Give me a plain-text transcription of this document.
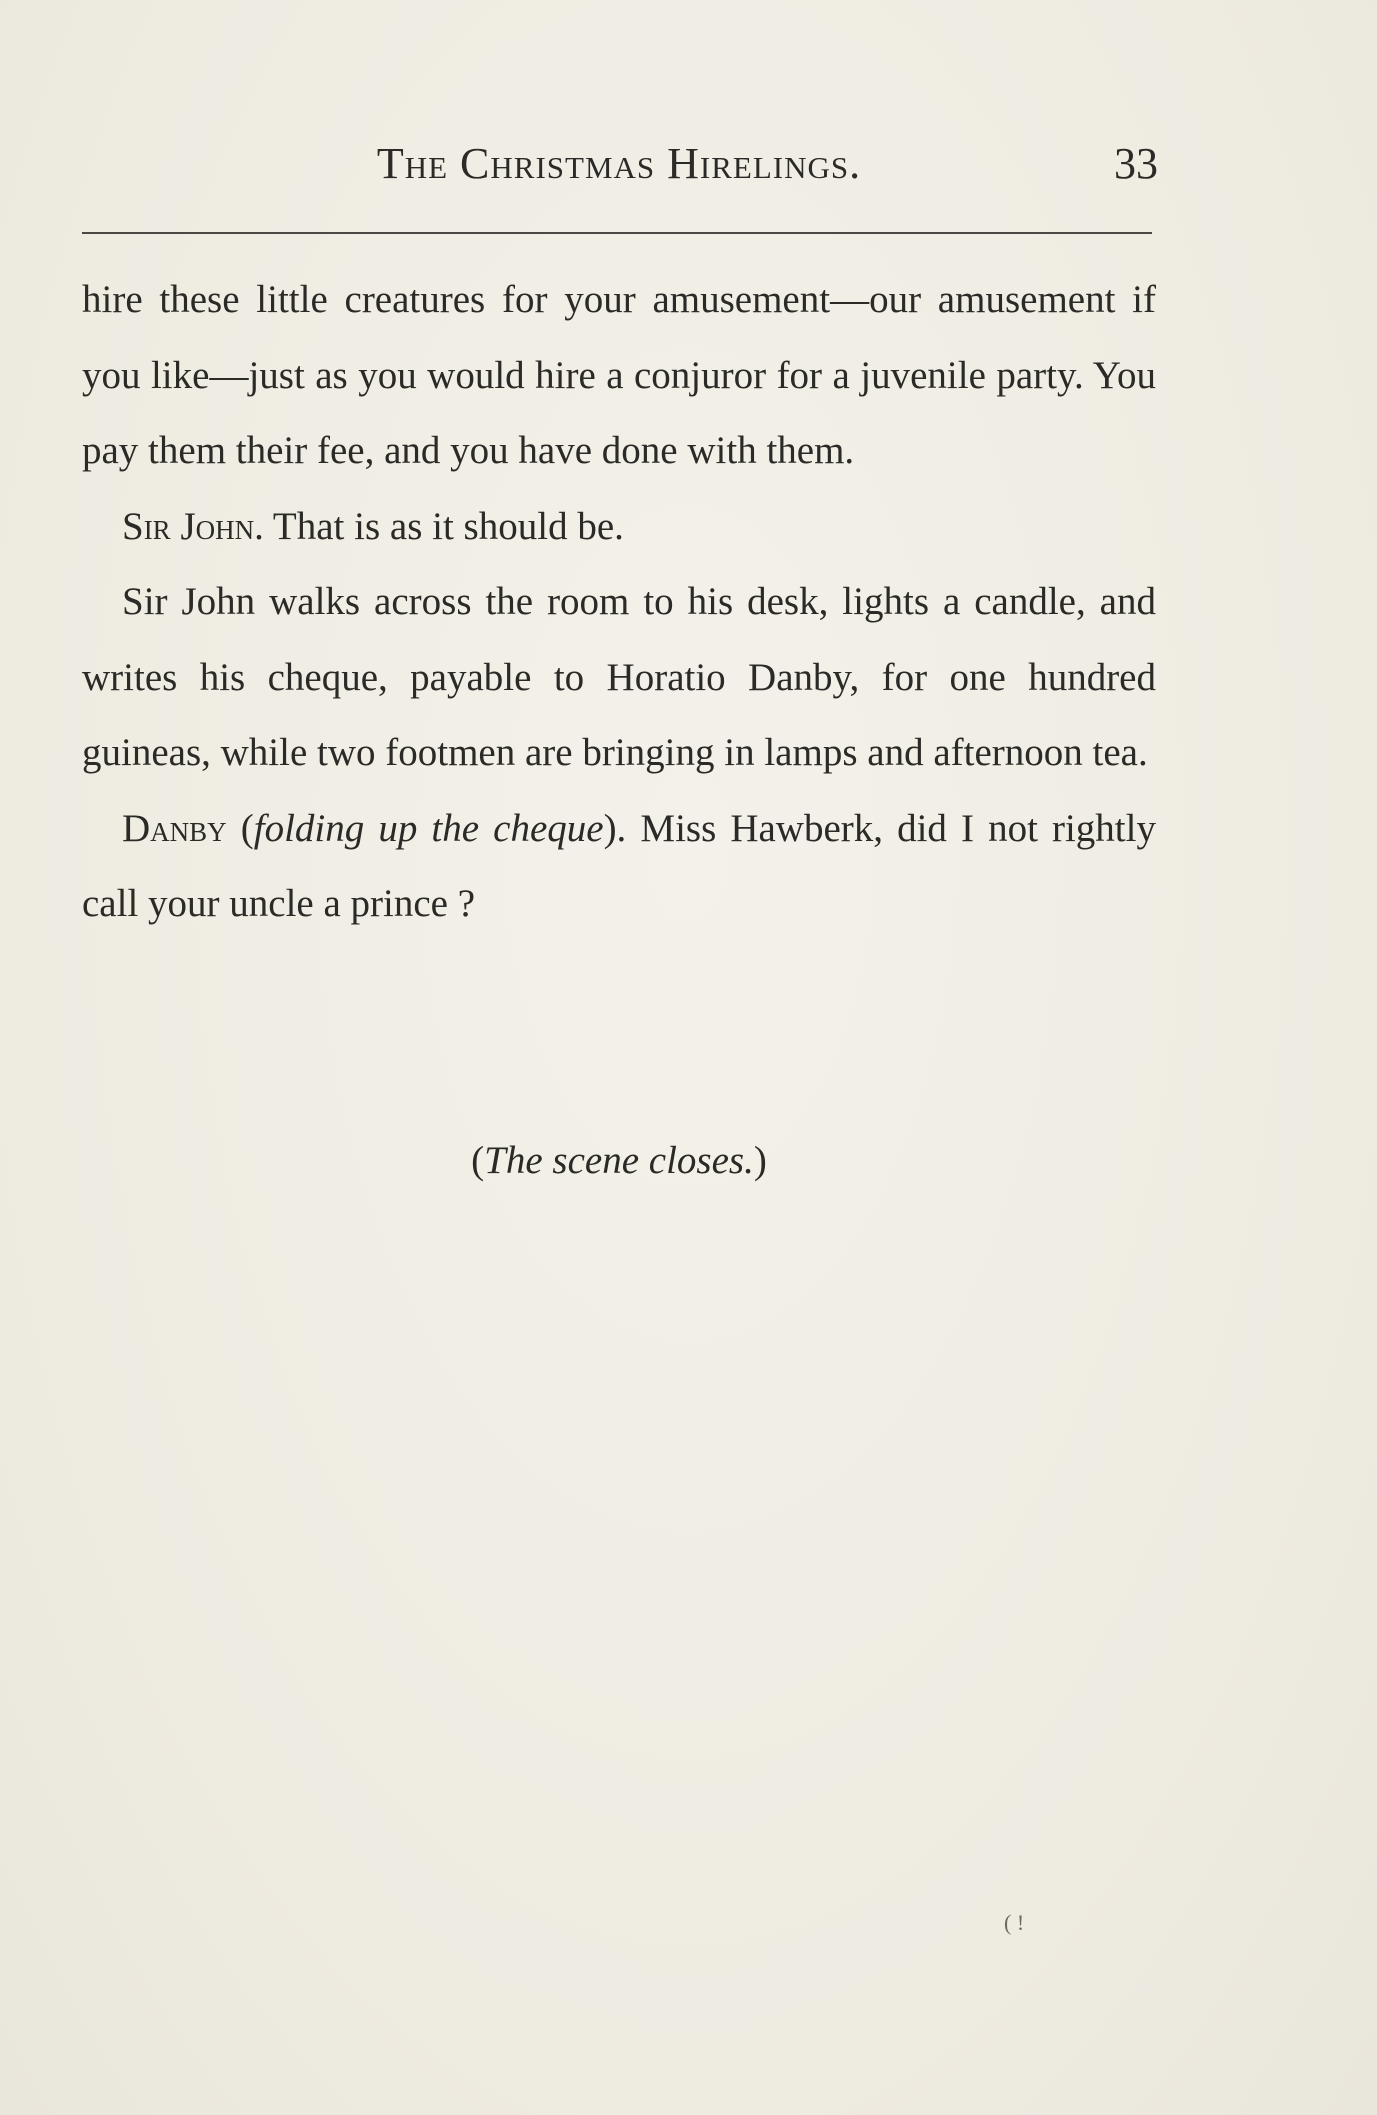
The Christmas Hirelings.	33

hire these little creatures for your amusement—our amusement if you like—just as you would hire a conjuror for a juvenile party. You pay them their fee, and you have done with them.

Sir John. That is as it should be.

Sir John walks across the room to his desk, lights a candle, and writes his cheque, payable to Horatio Danby, for one hundred guineas, while two footmen are bringing in lamps and afternoon tea.

Danby (folding up the cheque). Miss Hawberk, did I not rightly call your uncle a prince ?

(The scene closes.)
( !
